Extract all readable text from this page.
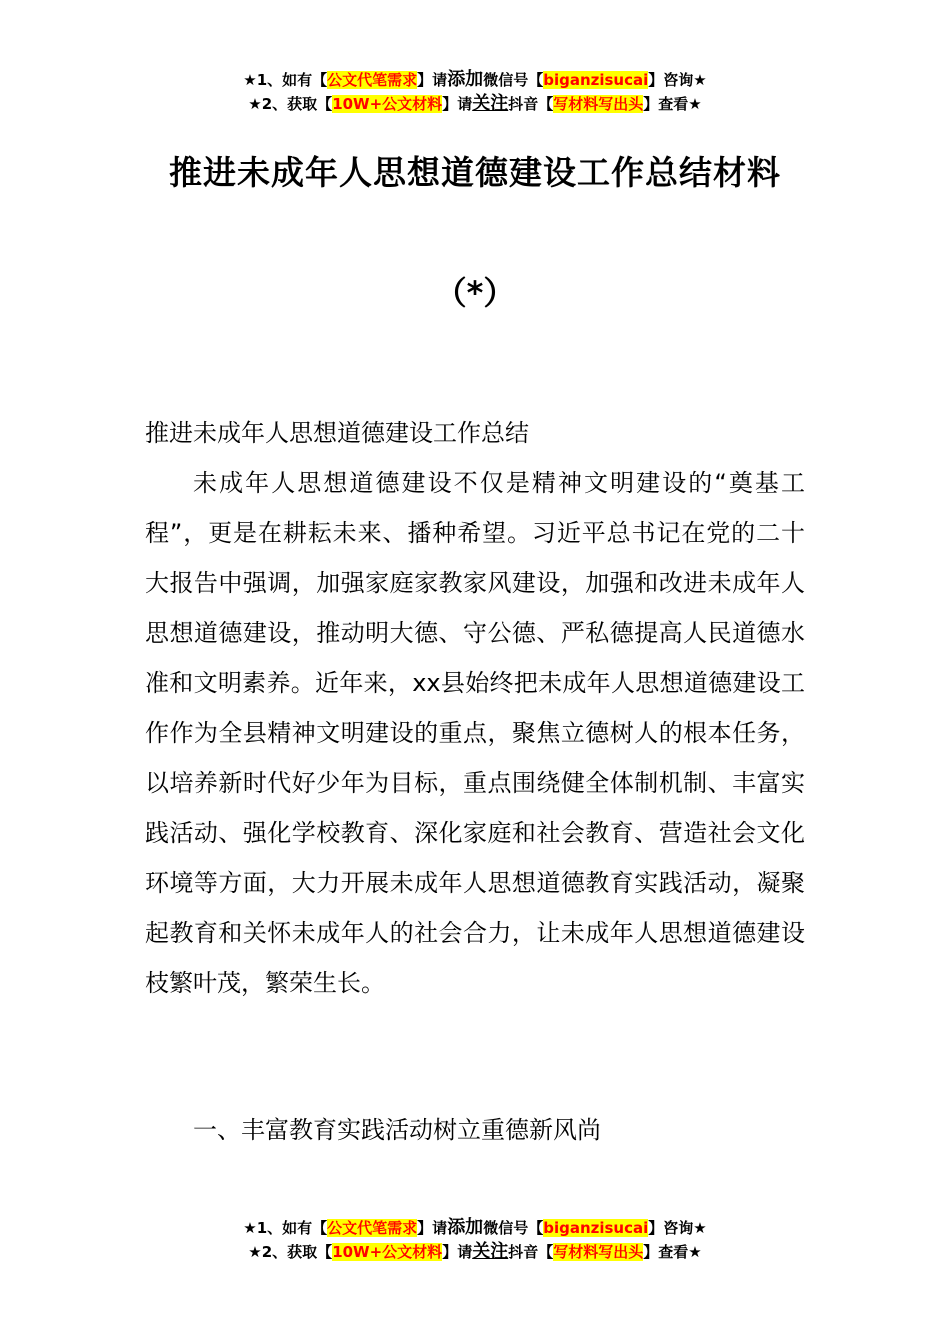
★1、如有【公文代笔需求】请添加微信号【biganzisucai】咨询★
★2、获取【10W+公文材料】请关注抖音【写材料写出头】查看★
推进未成年人思想道德建设工作总结材料
（*）
推进未成年人思想道德建设工作总结
未成年人思想道德建设不仅是精神文明建设的“奠基工程”，更是在耕耘未来、播种希望。习近平总书记在党的二十大报告中强调，加强家庭家教家风建设，加强和改进未成年人思想道德建设，推动明大德、守公德、严私德提高人民道德水准和文明素养。近年来，xx县始终把未成年人思想道德建设工作作为全县精神文明建设的重点，聚焦立德树人的根本任务，以培养新时代好少年为目标，重点围绕健全体制机制、丰富实践活动、强化学校教育、深化家庭和社会教育、营造社会文化环境等方面，大力开展未成年人思想道德教育实践活动，凝聚起教育和关怀未成年人的社会合力，让未成年人思想道德建设枝繁叶茂，繁荣生长。
一、丰富教育实践活动树立重德新风尚
★1、如有【公文代笔需求】请添加微信号【biganzisucai】咨询★
★2、获取【10W+公文材料】请关注抖音【写材料写出头】查看★
